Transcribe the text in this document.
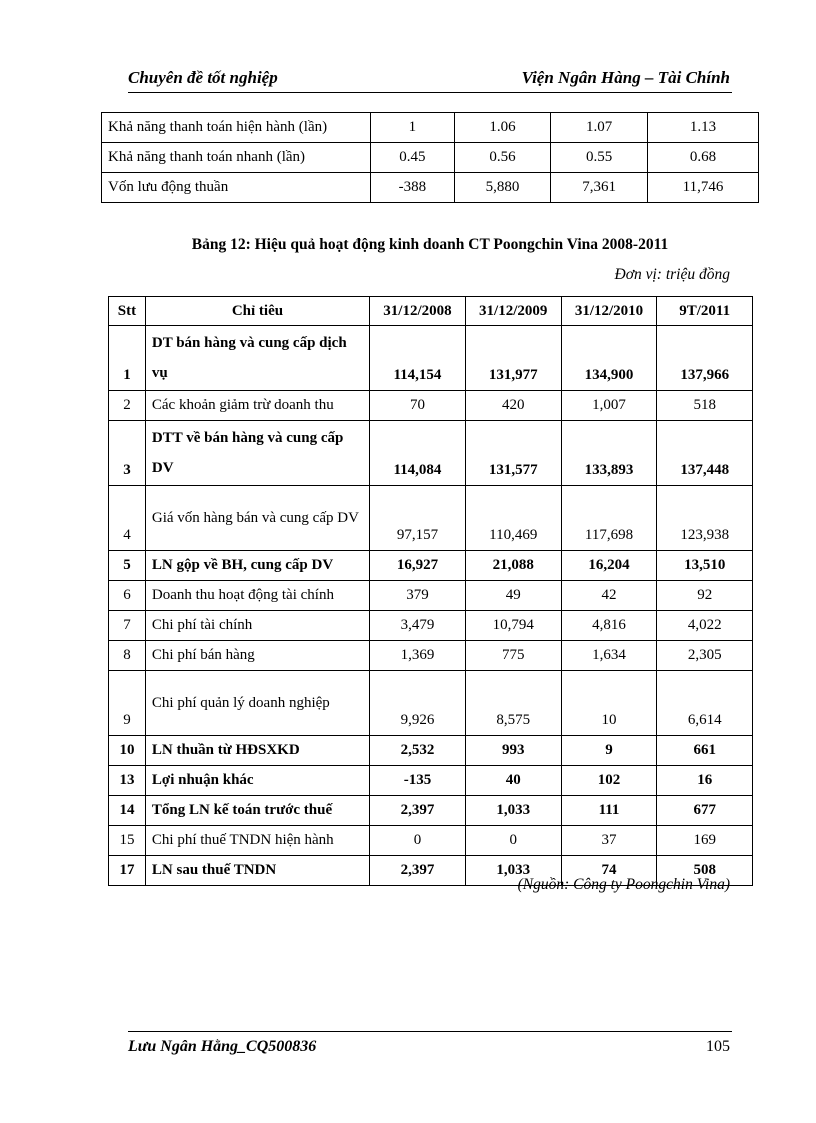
Chuyên đề tốt nghiệp	Viện Ngân Hàng – Tài Chính
Khả năng thanh toán hiện hành (lần)	1	1.06	1.07	1.13
Khả năng thanh toán nhanh (lần)	0.45	0.56	0.55	0.68
Vốn lưu động thuần	-388	5,880	7,361	11,746
Bảng 12: Hiệu quả hoạt động kinh doanh CT Poongchin Vina 2008-2011
Đơn vị: triệu đồng
Stt	Chỉ tiêu	31/12/2008	31/12/2009	31/12/2010	9T/2011
1	DT bán hàng và cung cấp dịch vụ	114,154	131,977	134,900	137,966
2	Các khoản giảm trừ doanh thu	70	420	1,007	518
3	DTT về bán hàng và cung cấp DV	114,084	131,577	133,893	137,448
4	Giá vốn hàng bán và cung cấp DV	97,157	110,469	117,698	123,938
5	LN gộp về BH, cung cấp DV	16,927	21,088	16,204	13,510
6	Doanh thu hoạt động tài chính	379	49	42	92
7	Chi phí tài chính	3,479	10,794	4,816	4,022
8	Chi phí bán hàng	1,369	775	1,634	2,305
9	Chi phí quản lý doanh nghiệp	9,926	8,575	10	6,614
10	LN thuần từ HĐSXKD	2,532	993	9	661
13	Lợi nhuận khác	-135	40	102	16
14	Tổng LN kế toán trước thuế	2,397	1,033	111	677
15	Chi phí thuế TNDN hiện hành	0	0	37	169
17	LN sau thuế TNDN	2,397	1,033	74	508
(Nguồn: Công ty Poongchin Vina)
Lưu Ngân Hằng_CQ500836	105
